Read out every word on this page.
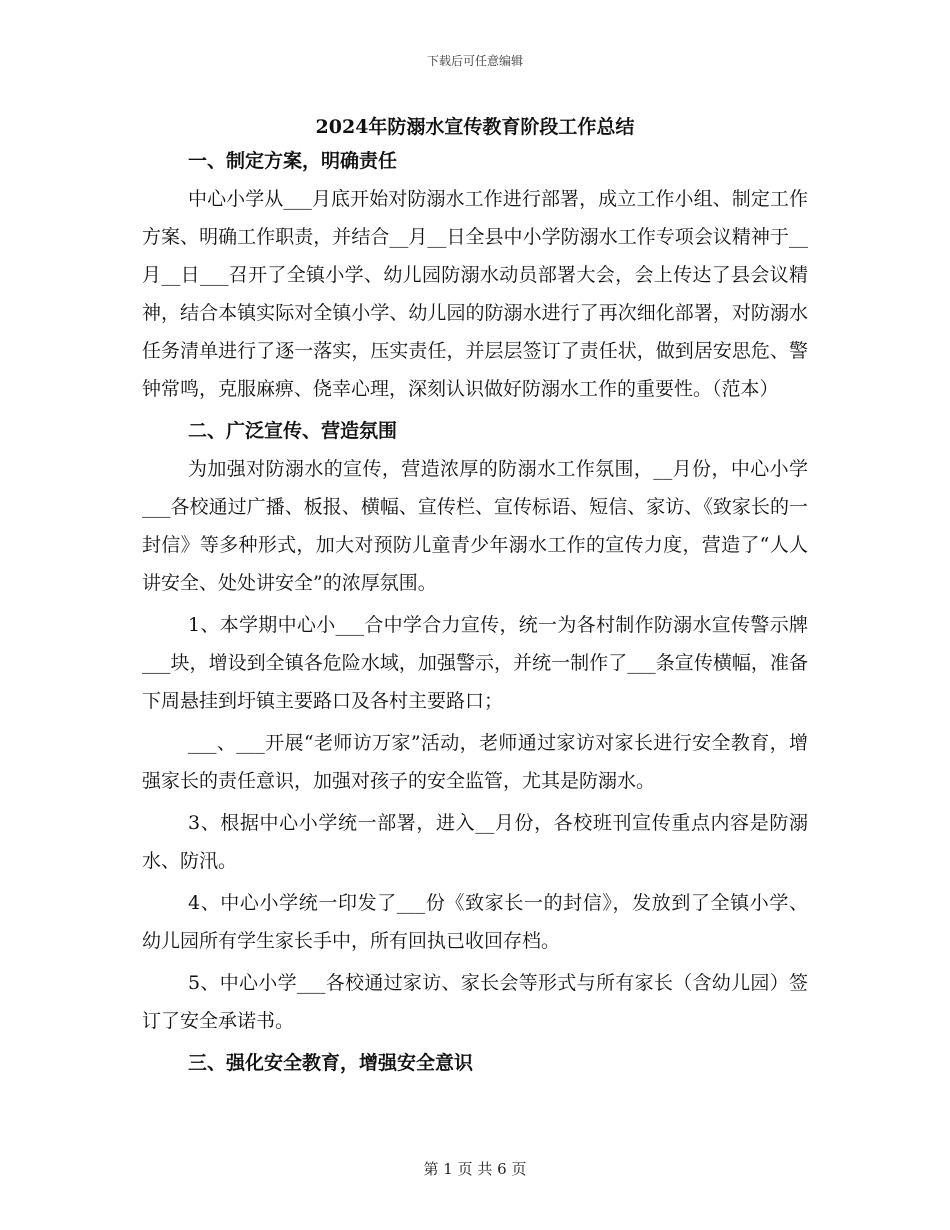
下载后可任意编辑
2024年防溺水宣传教育阶段工作总结
一、制定方案，明确责任

中心小学从___月底开始对防溺水工作进行部署，成立工作小组、制定工作方案、明确工作职责，并结合__月__日全县中小学防溺水工作专项会议精神于__月__日___召开了全镇小学、幼儿园防溺水动员部署大会，会上传达了县会议精神，结合本镇实际对全镇小学、幼儿园的防溺水进行了再次细化部署，对防溺水任务清单进行了逐一落实，压实责任，并层层签订了责任状，做到居安思危、警钟常鸣，克服麻痹、侥幸心理，深刻认识做好防溺水工作的重要性。（范本）

二、广泛宣传、营造氛围

为加强对防溺水的宣传，营造浓厚的防溺水工作氛围，__月份，中心小学___各校通过广播、板报、横幅、宣传栏、宣传标语、短信、家访、《致家长的一封信》等多种形式，加大对预防儿童青少年溺水工作的宣传力度，营造了“人人讲安全、处处讲安全”的浓厚氛围。

1、本学期中心小___合中学合力宣传，统一为各村制作防溺水宣传警示牌___块，增设到全镇各危险水域，加强警示，并统一制作了___条宣传横幅，准备下周悬挂到圩镇主要路口及各村主要路口；

___、___开展“老师访万家”活动，老师通过家访对家长进行安全教育，增强家长的责任意识，加强对孩子的安全监管，尤其是防溺水。

3、根据中心小学统一部署，进入__月份，各校班刊宣传重点内容是防溺水、防汛。

4、中心小学统一印发了___份《致家长一的封信》，发放到了全镇小学、幼儿园所有学生家长手中，所有回执已收回存档。

5、中心小学___各校通过家访、家长会等形式与所有家长（含幼儿园）签订了安全承诺书。

三、强化安全教育，增强安全意识
第 1 页 共 6 页
